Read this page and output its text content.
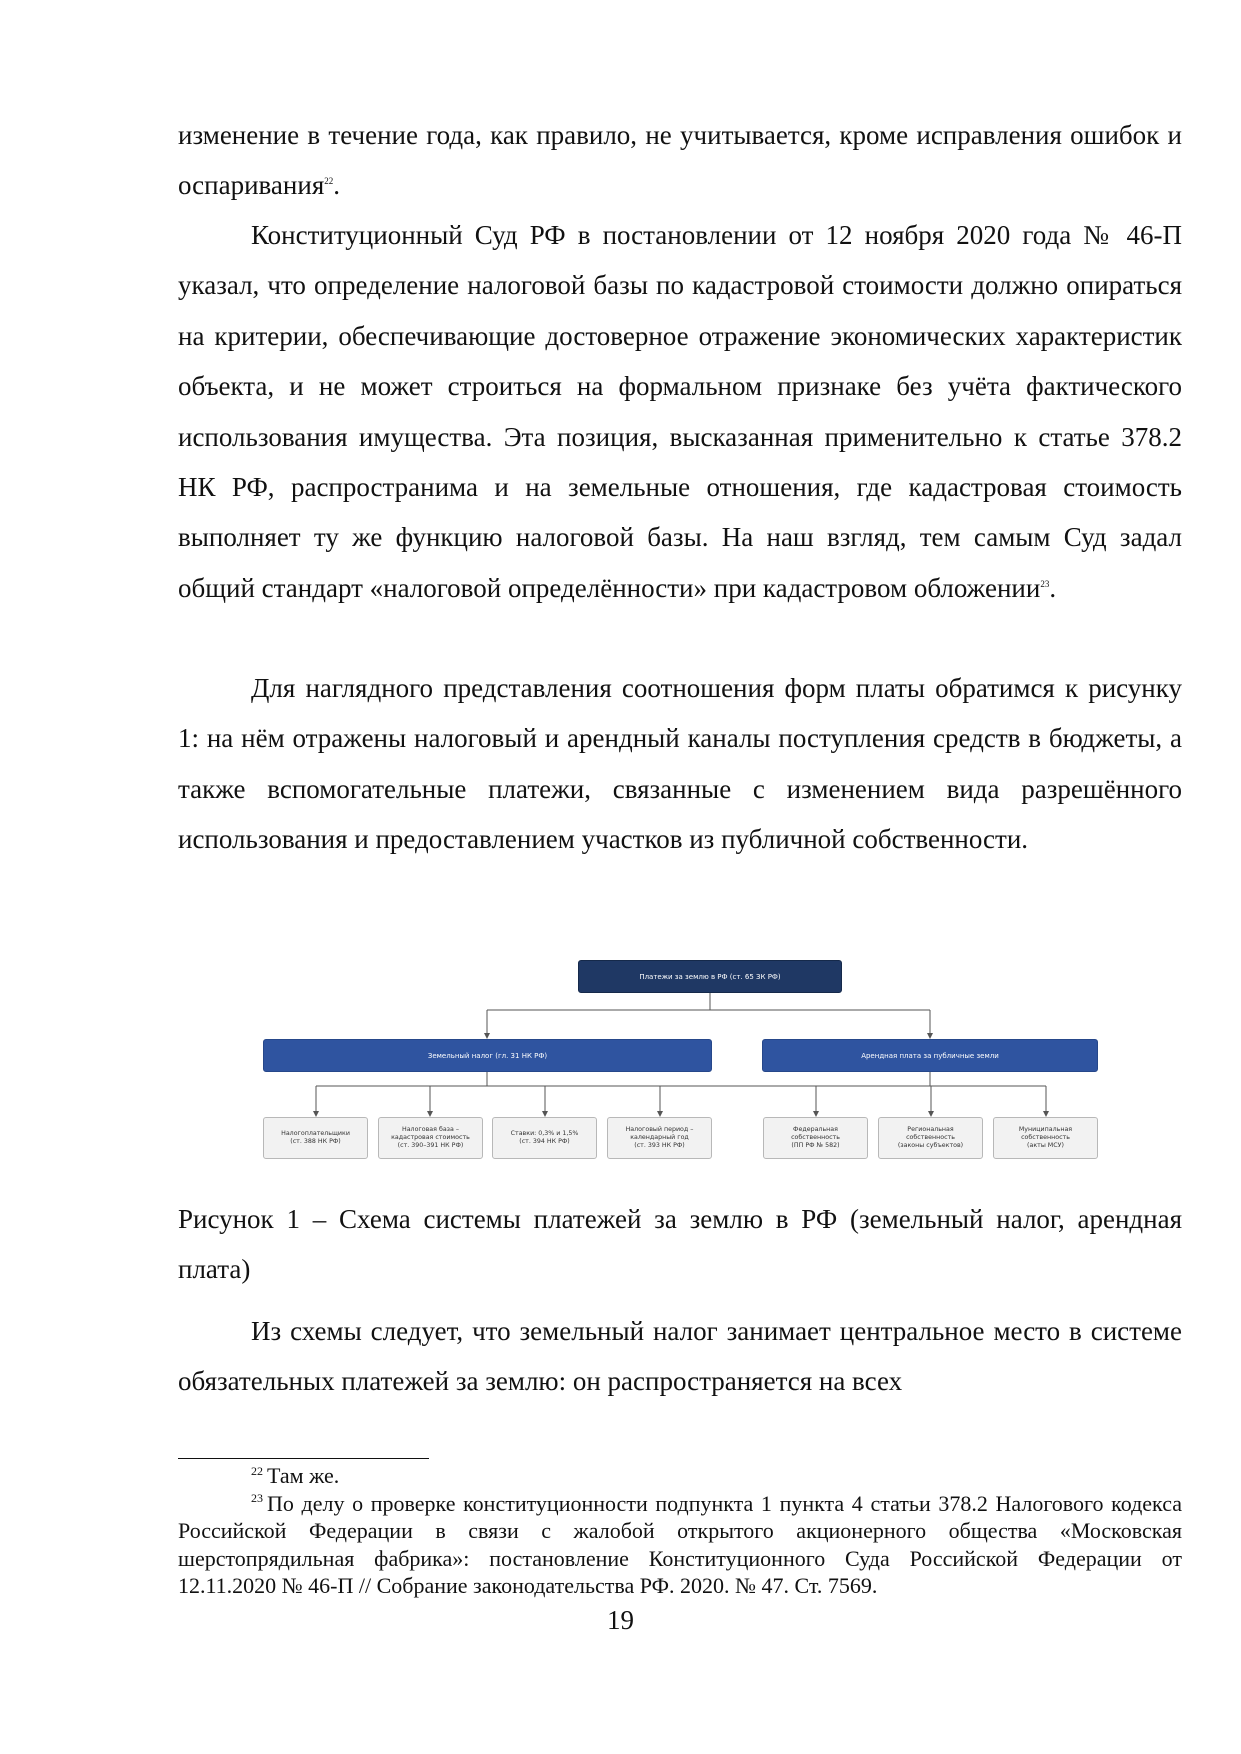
изменение в течение года, как правило, не учитывается, кроме исправления ошибок и оспаривания$^{22}$.

Конституционный Суд РФ в постановлении от 12 ноября 2020 года № 46-П указал, что определение налоговой базы по кадастровой стоимости должно опираться на критерии, обеспечивающие достоверное отражение экономических характеристик объекта, и не может строиться на формальном признаке без учёта фактического использования имущества. Эта позиция, высказанная применительно к статье 378.2 НК РФ, распространима и на земельные отношения, где кадастровая стоимость выполняет ту же функцию налоговой базы. На наш взгляд, тем самым Суд задал общий стандарт «налоговой определённости» при кадастровом обложении$^{23}$.

Для наглядного представления соотношения форм платы обратимся к рисунку 1: на нём отражены налоговый и арендный каналы поступления средств в бюджеты, а также вспомогательные платежи, связанные с изменением вида разрешённого использования и предоставлением участков из публичной собственности.

Платежи за землю в РФ (ст. 65 ЗК РФ)
Земельный налог (гл. 31 НК РФ)	Арендная плата за публичные земли
Налогоплательщики
(ст. 388 НК РФ)
Налоговая база –
кадастровая стоимость
(ст. 390–391 НК РФ)
Ставки: 0,3% и 1,5%
(ст. 394 НК РФ)
Налоговый период –
календарный год
(ст. 393 НК РФ)
Федеральная
собственность
(ПП РФ № 582)
Региональная
собственность
(законы субъектов)
Муниципальная
собственность
(акты МСУ)

Рисунок 1 – Схема системы платежей за землю в РФ (земельный налог, арендная плата)

Из схемы следует, что земельный налог занимает центральное место в системе обязательных платежей за землю: он распространяется на всех

$^{22}$ Там же.

$^{23}$ По делу о проверке конституционности подпункта 1 пункта 4 статьи 378.2 Налогового кодекса Российской Федерации в связи с жалобой открытого акционерного общества «Московская шерстопрядильная фабрика»: постановление Конституционного Суда Российской Федерации от 12.11.2020 № 46-П // Собрание законодательства РФ. 2020. № 47. Ст. 7569.

19
